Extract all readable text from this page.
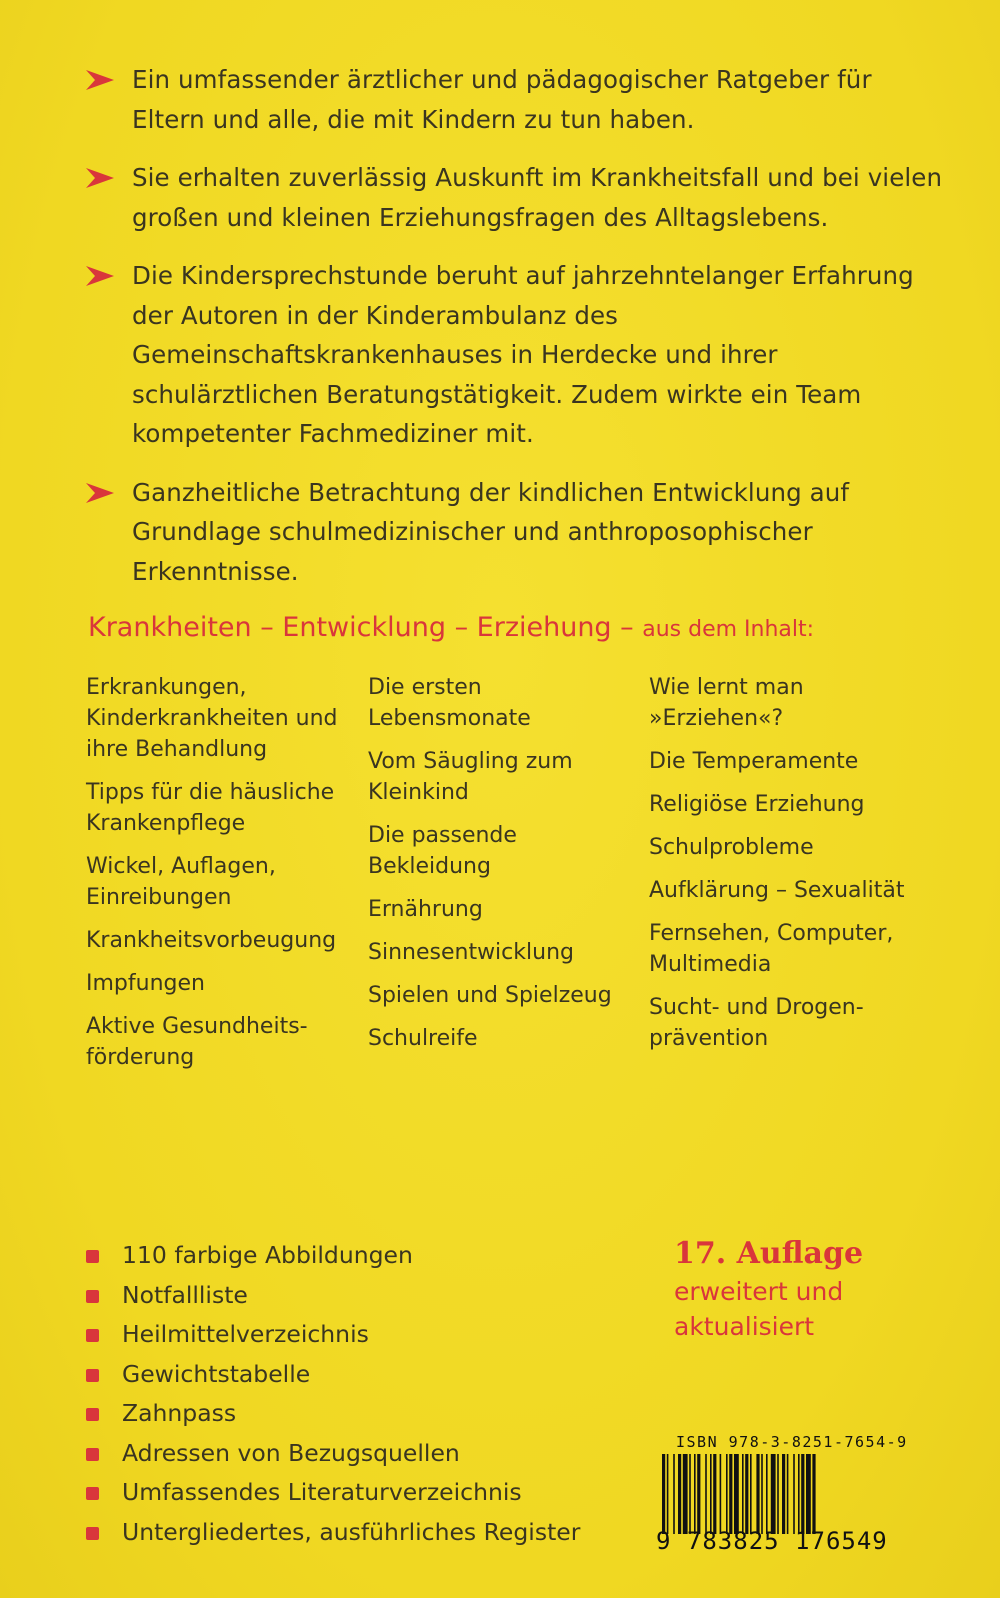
Ein umfassender ärztlicher und pädagogischer Ratgeber für Eltern und alle, die mit Kindern zu tun haben.
Sie erhalten zuverlässig Auskunft im Krankheitsfall und bei vielen großen und kleinen Erziehungsfragen des Alltagslebens.
Die Kindersprechstunde beruht auf jahrzehntelanger Erfahrung der Autoren in der Kinderambulanz des Gemeinschaftskrankenhauses in Herdecke und ihrer schulärztlichen Beratungstätigkeit. Zudem wirkte ein Team kompetenter Fachmediziner mit.
Ganzheitliche Betrachtung der kindlichen Entwicklung auf Grundlage schulmedizinischer und anthroposophischer Erkenntnisse.
Krankheiten – Entwicklung – Erziehung – aus dem Inhalt:
Erkrankungen, Kinderkrankheiten und ihre Behandlung
Tipps für die häusliche Krankenpflege
Wickel, Auflagen, Einreibungen
Krankheitsvorbeugung
Impfungen
Aktive Gesundheits-förderung
Die ersten Lebensmonate
Vom Säugling zum Kleinkind
Die passende Bekleidung
Ernährung
Sinnesentwicklung
Spielen und Spielzeug
Schulreife
Wie lernt man »Erziehen«?
Die Temperamente
Religiöse Erziehung
Schulprobleme
Aufklärung – Sexualität
Fernsehen, Computer, Multimedia
Sucht- und Drogen-prävention
110 farbige Abbildungen
Notfallliste
Heilmittelverzeichnis
Gewichtstabelle
Zahnpass
Adressen von Bezugsquellen
Umfassendes Literaturverzeichnis
Untergliedertes, ausführliches Register
17. Auflage
erweitert und
aktualisiert
ISBN 978-3-8251-7654-9
9 783825 176549
